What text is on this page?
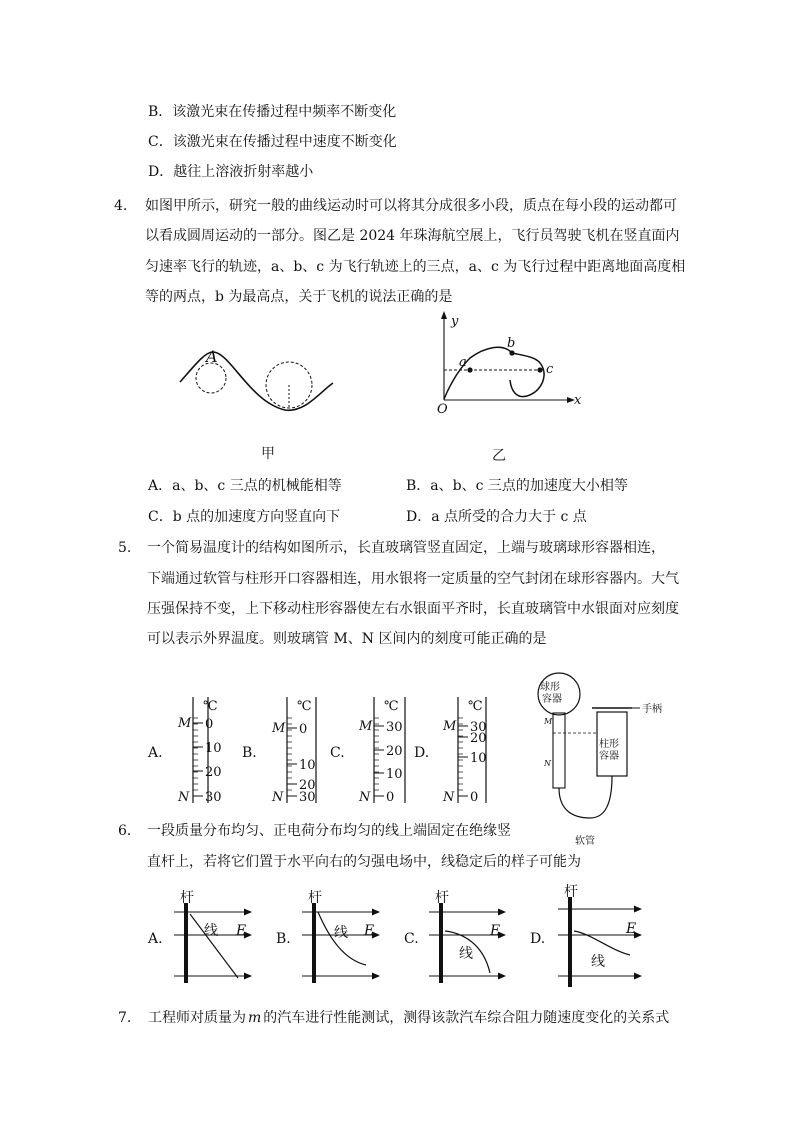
B．该激光束在传播过程中频率不断变化
C．该激光束在传播过程中速度不断变化
D．越往上溶液折射率越小
4. 如图甲所示，研究一般的曲线运动时可以将其分成很多小段，质点在每小段的运动都可
以看成圆周运动的一部分。图乙是 2024 年珠海航空展上，飞行员驾驶飞机在竖直面内
匀速率飞行的轨迹，a、b、c 为飞行轨迹上的三点，a、c 为飞行过程中距离地面高度相
等的两点，b 为最高点，关于飞机的说法正确的是
A
甲
y
x
O
a
b
c
乙
A．a、b、c 三点的机械能相等	B．a、b、c 三点的加速度大小相等
C．b 点的加速度方向竖直向下	D．a 点所受的合力大于 c 点
5. 一个简易温度计的结构如图所示，长直玻璃管竖直固定，上端与玻璃球形容器相连，
下端通过软管与柱形开口容器相连，用水银将一定质量的空气封闭在球形容器内。大气
压强保持不变，上下移动柱形容器使左右水银面平齐时，长直玻璃管中水银面对应刻度
可以表示外界温度。则玻璃管 M、N 区间内的刻度可能正确的是
球形
容器
手柄
柱形
容器
软管
M
N
A.
℃
0
10
20
30
M
N
B.
℃
0
10
20
30
M
N
C.
℃
30
20
10
0
M
N
D.
℃
30
20
10
0
M
N
6． 一段质量分布均匀、正电荷分布均匀的线上端固定在绝缘竖
直杆上，若将它们置于水平向右的匀强电场中，线稳定后的样子可能为
A.
杆
线 E B.
杆
线 E C.
杆
线
E D.
杆
线
E
7. 工程师对质量为 m 的汽车进行性能测试，测得该款汽车综合阻力随速度变化的关系式
